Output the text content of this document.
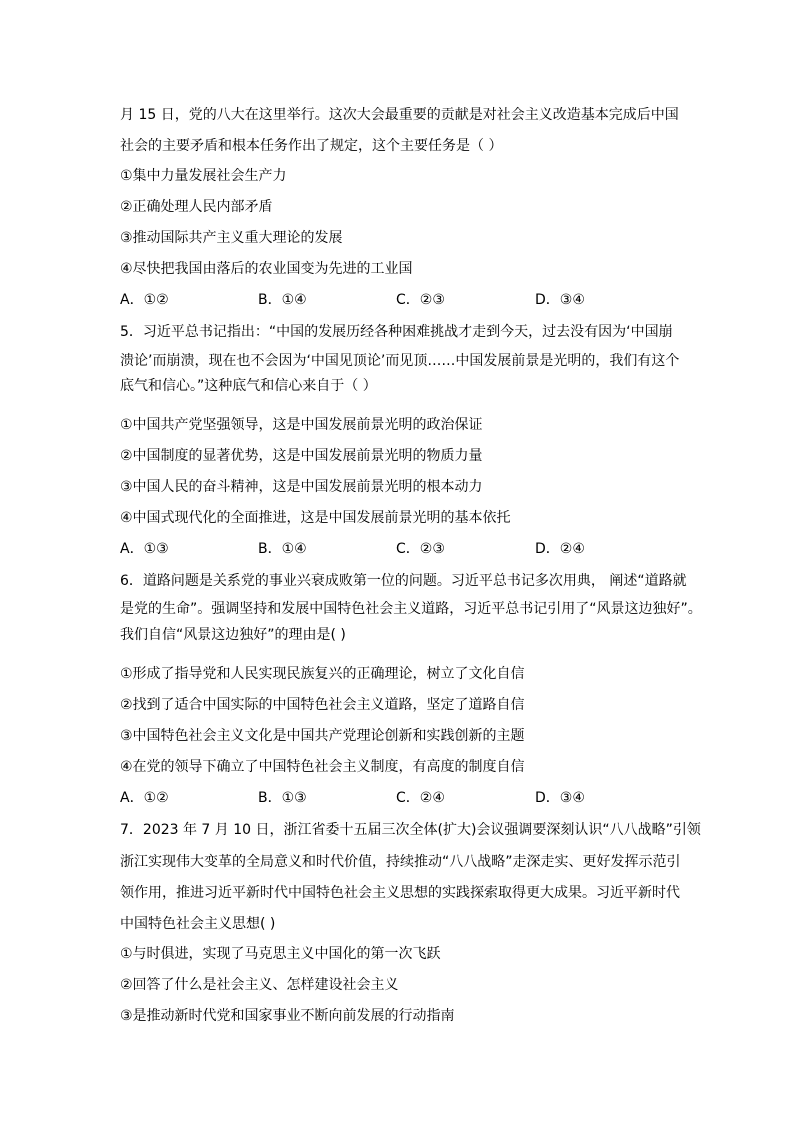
月 15 日，党的八大在这里举行。这次大会最重要的贡献是对社会主义改造基本完成后中国
社会的主要矛盾和根本任务作出了规定，这个主要任务是（ ）
①集中力量发展社会生产力
②正确处理人民内部矛盾
③推动国际共产主义重大理论的发展
④尽快把我国由落后的农业国变为先进的工业国
A．①②	B．①④	C．②③	D．③④
5．习近平总书记指出：“中国的发展历经各种困难挑战才走到今天，过去没有因为‘中国崩
溃论’而崩溃，现在也不会因为‘中国见顶论’而见顶……中国发展前景是光明的，我们有这个
底气和信心。”这种底气和信心来自于（ ）
①中国共产党坚强领导，这是中国发展前景光明的政治保证
②中国制度的显著优势，这是中国发展前景光明的物质力量
③中国人民的奋斗精神，这是中国发展前景光明的根本动力
④中国式现代化的全面推进，这是中国发展前景光明的基本依托
A．①③	B．①④	C．②③	D．②④
6．道路问题是关系党的事业兴衰成败第一位的问题。习近平总书记多次用典， 阐述“道路就
是党的生命”。强调坚持和发展中国特色社会主义道路，习近平总书记引用了“风景这边独好”。
我们自信“风景这边独好”的理由是( )
①形成了指导党和人民实现民族复兴的正确理论，树立了文化自信
②找到了适合中国实际的中国特色社会主义道路，坚定了道路自信
③中国特色社会主义文化是中国共产党理论创新和实践创新的主题
④在党的领导下确立了中国特色社会主义制度，有高度的制度自信
A．①②	B．①③	C．②④	D．③④
7．2023 年 7 月 10 日，浙江省委十五届三次全体(扩大)会议强调要深刻认识“八八战略”引领
浙江实现伟大变革的全局意义和时代价值，持续推动“八八战略”走深走实、更好发挥示范引
领作用，推进习近平新时代中国特色社会主义思想的实践探索取得更大成果。习近平新时代
中国特色社会主义思想( )
①与时俱进，实现了马克思主义中国化的第一次飞跃
②回答了什么是社会主义、怎样建设社会主义
③是推动新时代党和国家事业不断向前发展的行动指南
